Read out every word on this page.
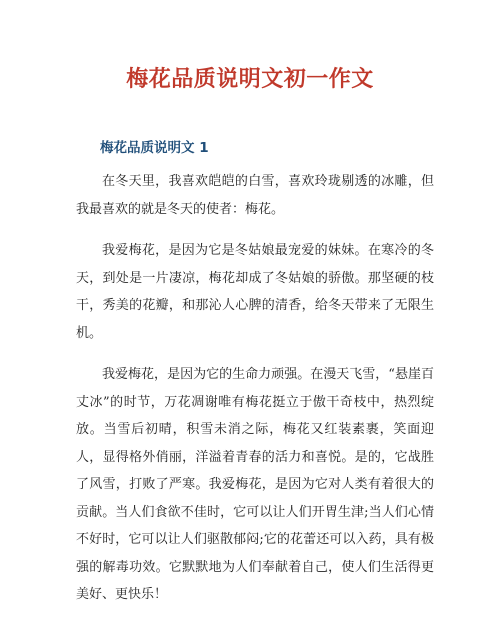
梅花品质说明文初一作文
梅花品质说明文 1

在冬天里，我喜欢皑皑的白雪，喜欢玲珑剔透的冰雕，但我最喜欢的就是冬天的使者：梅花。

我爱梅花，是因为它是冬姑娘最宠爱的妹妹。在寒冷的冬天，到处是一片凄凉，梅花却成了冬姑娘的骄傲。那坚硬的枝干，秀美的花瓣，和那沁人心脾的清香，给冬天带来了无限生机。

我爱梅花，是因为它的生命力顽强。在漫天飞雪，“悬崖百丈冰”的时节，万花凋谢唯有梅花挺立于傲干奇枝中，热烈绽放。当雪后初晴，积雪未消之际，梅花又红装素裹，笑面迎人，显得格外俏丽，洋溢着青春的活力和喜悦。是的，它战胜了风雪，打败了严寒。我爱梅花，是因为它对人类有着很大的贡献。当人们食欲不佳时，它可以让人们开胃生津;当人们心情不好时，它可以让人们驱散郁闷;它的花蕾还可以入药，具有极强的解毒功效。它默默地为人们奉献着自己，使人们生活得更美好、更快乐！
